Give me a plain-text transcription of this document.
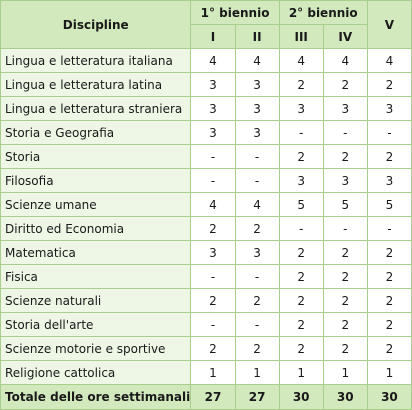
Discipline	1° biennio		2° biennio		V
	I	II	III	IV	
Lingua e letteratura italiana	4	4	4	4	4
Lingua e letteratura latina	3	3	2	2	2
Lingua e letteratura straniera	3	3	3	3	3
Storia e Geografia	3	3	-	-	-
Storia	-	-	2	2	2
Filosofia	-	-	3	3	3
Scienze umane	4	4	5	5	5
Diritto ed Economia	2	2	-	-	-
Matematica	3	3	2	2	2
Fisica	-	-	2	2	2
Scienze naturali	2	2	2	2	2
Storia dell'arte	-	-	2	2	2
Scienze motorie e sportive	2	2	2	2	2
Religione cattolica	1	1	1	1	1
Totale delle ore settimanali	27	27	30	30	30
